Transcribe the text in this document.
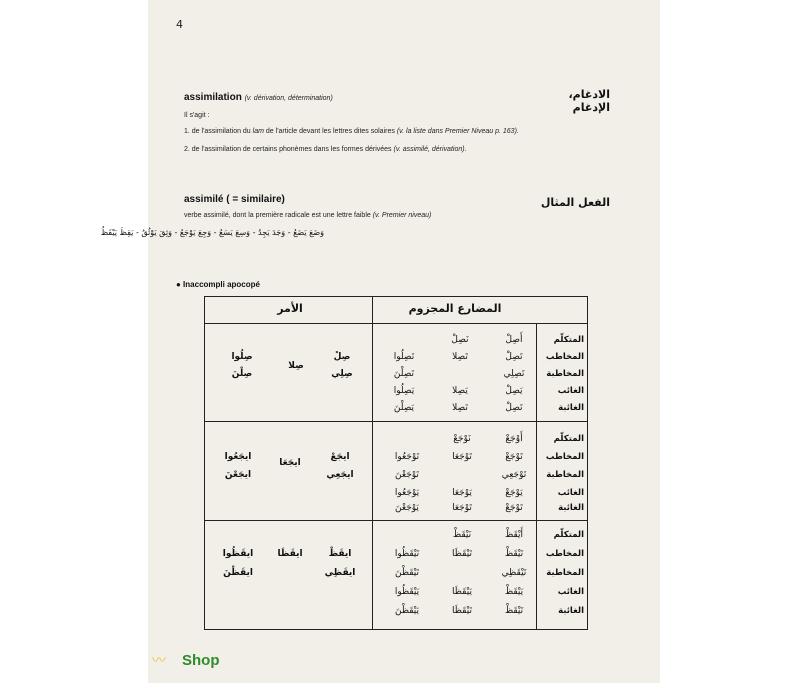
4
assimilation (v. dérivation, détermination)	الادغام، الإدغام
Il s'agit :
1. de l'assimilation du lam de l'article devant les lettres dites solaires (v. la liste dans Premier Niveau p. 163).
2. de l'assimilation de certains phonèmes dans les formes dérivées (v. assimilé, dérivation).
assimilé ( = similaire)	الفعل المثال
verbe assimilé, dont la première radicale est une lettre faible (v. Premier niveau)
وَضَعَ يَضَعُ - وَجَدَ يَجِدُ - وَسِعَ يَسَعُ - وَجِعَ يَوْجَعُ - وَثِقَ يَوْثُقُ - يَقِظَ يَيْقَظُ
● Inaccompli apocopé
المضارع المجزوم
الأمر
المتكلّم
المخاطب
المخاطبة
الغائب
الغائبة
المتكلّم
المخاطب
المخاطبة
الغائب
الغائبة
المتكلّم
المخاطب
المخاطبة
الغائب
الغائبة
أَصِلْ
تَصِلْ
تَصِلِي
يَصِلْ
تَصِلْ
نَصِلْ
تَصِلا
يَصِلا
تَصِلا
تَصِلُوا
تَصِلْنَ
يَصِلُوا
يَصِلْنَ
صِلْ
صِلِي
صِلا
صِلُوا
صِلْنَ
أَوْجَعْ
تَوْجَعْ
تَوْجَعِي
يَوْجَعْ
تَوْجَعْ
نَوْجَعْ
تَوْجَعَا
يَوْجَعَا
تَوْجَعَا
تَوْجَعُوا
تَوْجَعْنَ
يَوْجَعُوا
يَوْجَعْنَ
ايجَعْ
ايجَعِي
ايجَعَا
ايجَعُوا
ايجَعْنَ
أَيْقَظْ
تَيْقَظْ
تَيْقَظِي
يَيْقَظْ
تَيْقَظْ
نَيْقَظْ
تَيْقَظَا
يَيْقَظَا
تَيْقَظَا
تَيْقَظُوا
تَيْقَظْنَ
يَيْقَظُوا
يَيْقَظْنَ
ايقَظْ
ايقَظِي
ايقَظَا
ايقَظُوا
ايقَظْنَ
〰 Shop
